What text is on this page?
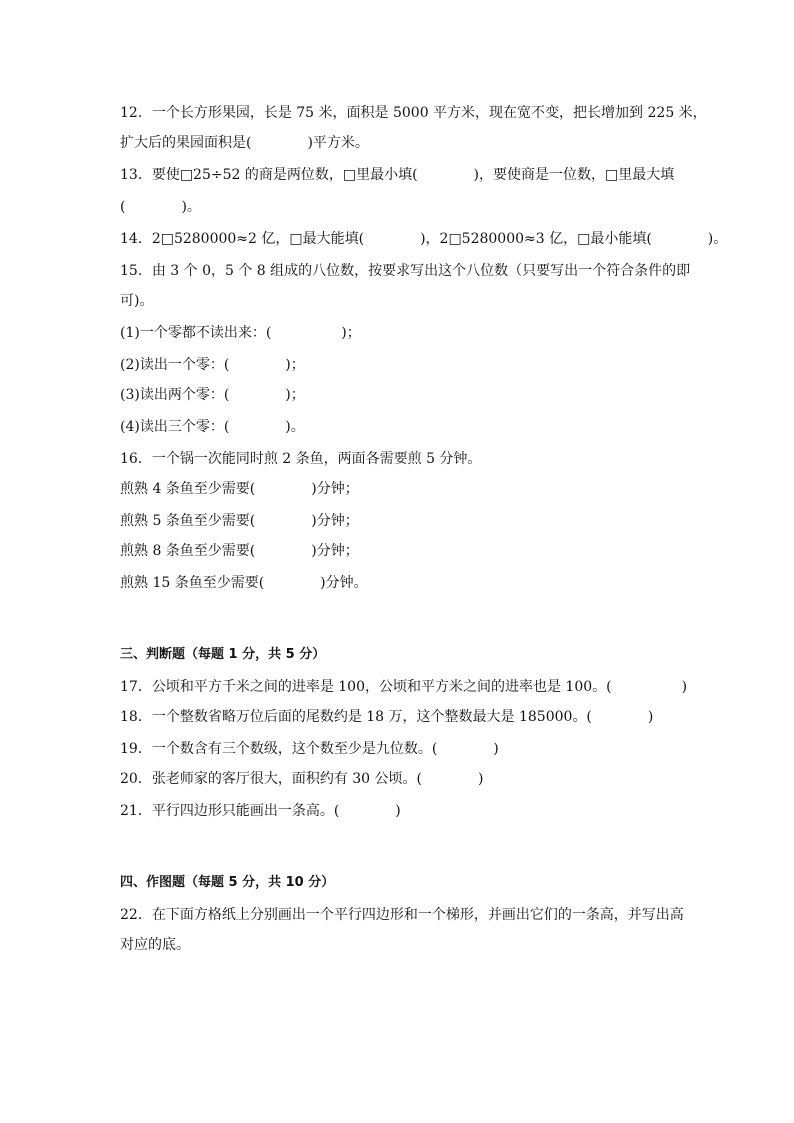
12．一个长方形果园，长是 75 米，面积是 5000 平方米，现在宽不变，把长增加到 225 米，
扩大后的果园面积是(　　　　)平方米。
13．要使□25÷52 的商是两位数，□里最小填(　　　　)，要使商是一位数，□里最大填
(　　　　)。
14．2□5280000≈2 亿，□最大能填(　　　　)，2□5280000≈3 亿，□最小能填(　　　　)。
15．由 3 个 0，5 个 8 组成的八位数，按要求写出这个八位数（只要写出一个符合条件的即
可)。
(1)一个零都不读出来：(　　　　　)；
(2)读出一个零：(　　　　)；
(3)读出两个零：(　　　　)；
(4)读出三个零：(　　　　)。
16．一个锅一次能同时煎 2 条鱼，两面各需要煎 5 分钟。
煎熟 4 条鱼至少需要(　　　　)分钟；
煎熟 5 条鱼至少需要(　　　　)分钟；
煎熟 8 条鱼至少需要(　　　　)分钟；
煎熟 15 条鱼至少需要(　　　　)分钟。
三、判断题（每题 1 分，共 5 分）
17．公顷和平方千米之间的进率是 100，公顷和平方米之间的进率也是 100。(　　　　　)
18．一个整数省略万位后面的尾数约是 18 万，这个整数最大是 185000。(　　　　)
19．一个数含有三个数级，这个数至少是九位数。(　　　　)
20．张老师家的客厅很大，面积约有 30 公顷。(　　　　)
21．平行四边形只能画出一条高。(　　　　)
四、作图题（每题 5 分，共 10 分）
22．在下面方格纸上分别画出一个平行四边形和一个梯形，并画出它们的一条高，并写出高
对应的底。
